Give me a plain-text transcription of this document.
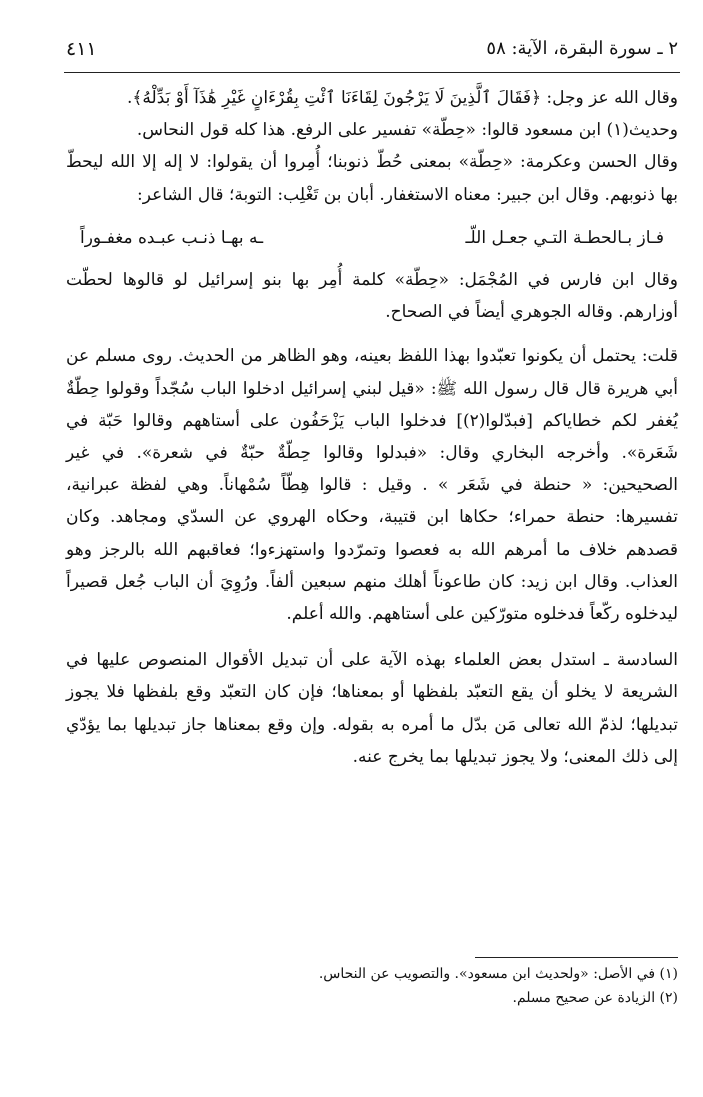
٢ ـ سورة البقرة، الآية: ٥٨
٤١١

وقال الله عز وجل: ﴿فَقَالَ ٱلَّذِينَ لَا يَرْجُونَ لِقَاءَنَا ٱئْتِ بِقُرْءَانٍ غَيْرِ هَٰذَآ أَوْ بَدِّلْهُ﴾.

وحديث(١) ابن مسعود قالوا: «حِطّة» تفسير على الرفع. هذا كله قول النحاس.

وقال الحسن وعكرمة: «حِطّة» بمعنى حُطّ ذنوبنا؛ أُمِروا أن يقولوا: لا إله إلا الله ليحطّ بها ذنوبهم. وقال ابن جبير: معناه الاستغفار. أبان بن تَغْلِب: التوبة؛ قال الشاعر:

فـاز بـالحطـة التـي جعـل اللّـ
ـه بهـا ذنـب عبـده مغفـوراً

وقال ابن فارس في المُجْمَل: «حِطّة» كلمة أُمِر بها بنو إسرائيل لو قالوها لحطّت أوزارهم. وقاله الجوهري أيضاً في الصحاح.

قلت: يحتمل أن يكونوا تعبّدوا بهذا اللفظ بعينه، وهو الظاهر من الحديث. روى مسلم عن أبي هريرة قال قال رسول الله ﷺ: «قيل لبني إسرائيل ادخلوا الباب سُجّداً وقولوا حِطّةٌ يُغفر لكم خطاياكم [فبدّلوا(٢)] فدخلوا الباب يَزْحَفُون على أستاههم وقالوا حَبّة في شَعَرة». وأخرجه البخاري وقال: «فبدلوا وقالوا حِطّةٌ حبّةٌ في شعرة». في غير الصحيحين: « حنطة في شَعَر » . وقيل : قالوا هِطّاً سُمْهاناً. وهي لفظة عبرانية، تفسيرها: حنطة حمراء؛ حكاها ابن قتيبة، وحكاه الهروي عن السدّي ومجاهد. وكان قصدهم خلاف ما أمرهم الله به فعصوا وتمرّدوا واستهزءوا؛ فعاقبهم الله بالرجز وهو العذاب. وقال ابن زيد: كان طاعوناً أهلك منهم سبعين ألفاً. ورُوِيَ أن الباب جُعل قصيراً ليدخلوه ركّعاً فدخلوه متورّكين على أستاههم. والله أعلم.

السادسة ـ استدل بعض العلماء بهذه الآية على أن تبديل الأقوال المنصوص عليها في الشريعة لا يخلو أن يقع التعبّد بلفظها أو بمعناها؛ فإن كان التعبّد وقع بلفظها فلا يجوز تبديلها؛ لذمّ الله تعالى مَن بدّل ما أمره به بقوله. وإن وقع بمعناها جاز تبديلها بما يؤدّي إلى ذلك المعنى؛ ولا يجوز تبديلها بما يخرج عنه.

(١) في الأصل: «ولحديث ابن مسعود». والتصويب عن النحاس.

(٢) الزيادة عن صحيح مسلم.
